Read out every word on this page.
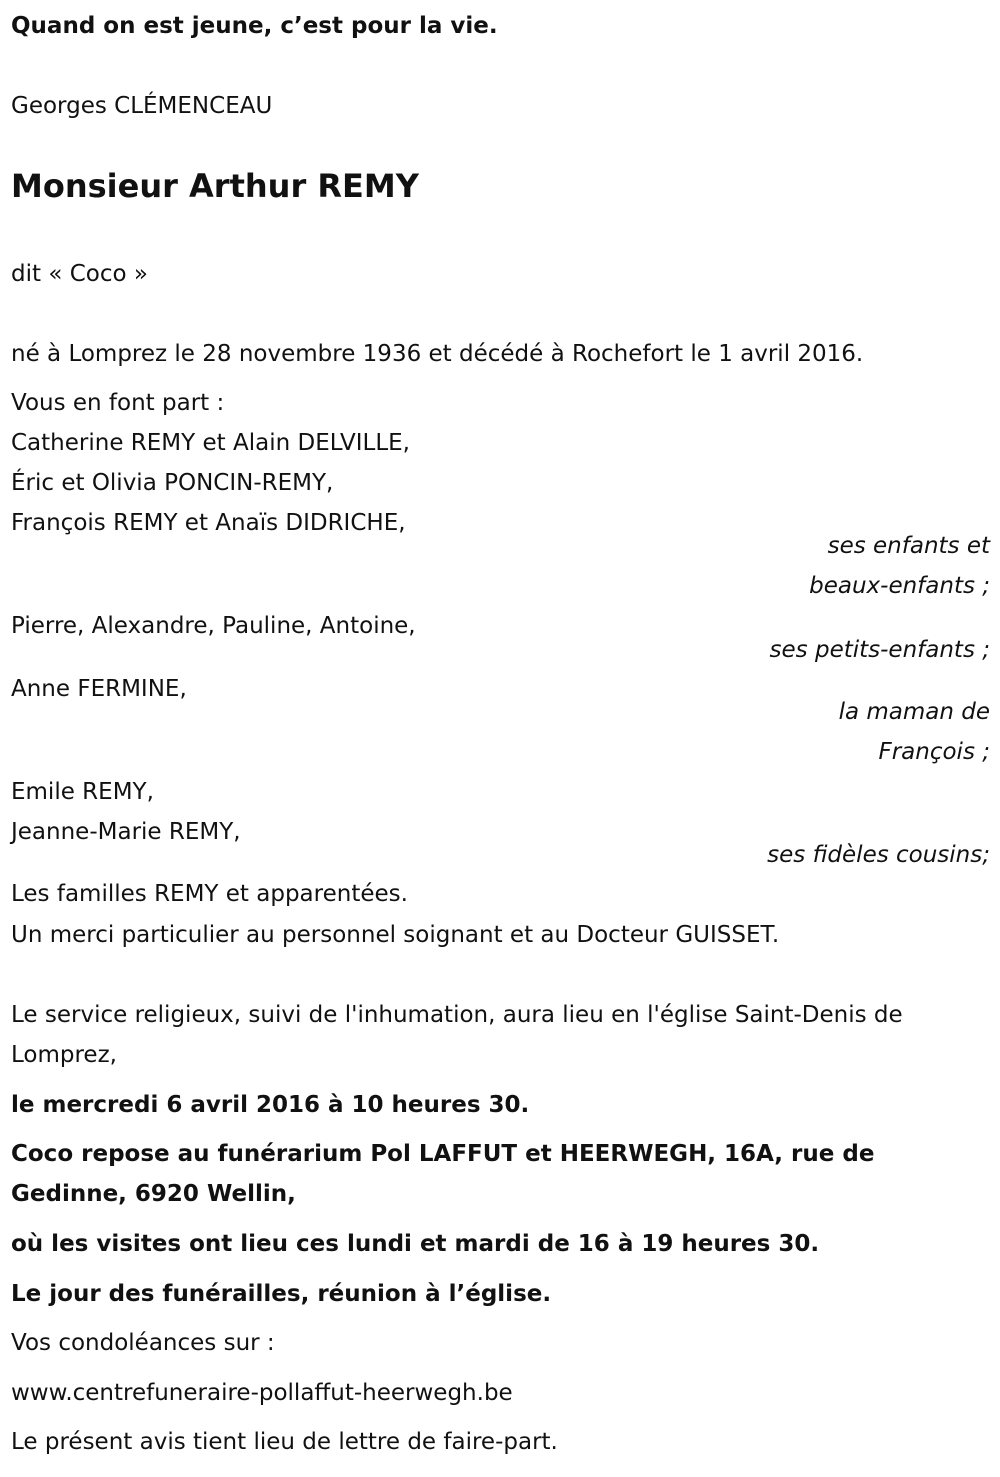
Quand on est jeune, c’est pour la vie.
Georges CLÉMENCEAU
Monsieur Arthur REMY
dit « Coco »
né à Lomprez le 28 novembre 1936 et décédé à Rochefort le 1 avril 2016.
Vous en font part :
Catherine REMY et Alain DELVILLE,
Éric et Olivia PONCIN-REMY,
François REMY et Anaïs DIDRICHE,
ses enfants et
beaux-enfants ;
Pierre, Alexandre, Pauline, Antoine,
ses petits-enfants ;
Anne FERMINE,
la maman de
François ;
Emile REMY,
Jeanne-Marie REMY,
ses fidèles cousins;
Les familles REMY et apparentées.
Un merci particulier au personnel soignant et au Docteur GUISSET.
Le service religieux, suivi de l'inhumation, aura lieu en l'église Saint-Denis de Lomprez,
le mercredi 6 avril 2016 à 10 heures 30.
Coco repose au funérarium Pol LAFFUT et HEERWEGH, 16A, rue de Gedinne, 6920 Wellin,
où les visites ont lieu ces lundi et mardi de 16 à 19 heures 30.
Le jour des funérailles, réunion à l’église.
Vos condoléances sur :
www.centrefuneraire-pollaffut-heerwegh.be
Le présent avis tient lieu de lettre de faire-part.
